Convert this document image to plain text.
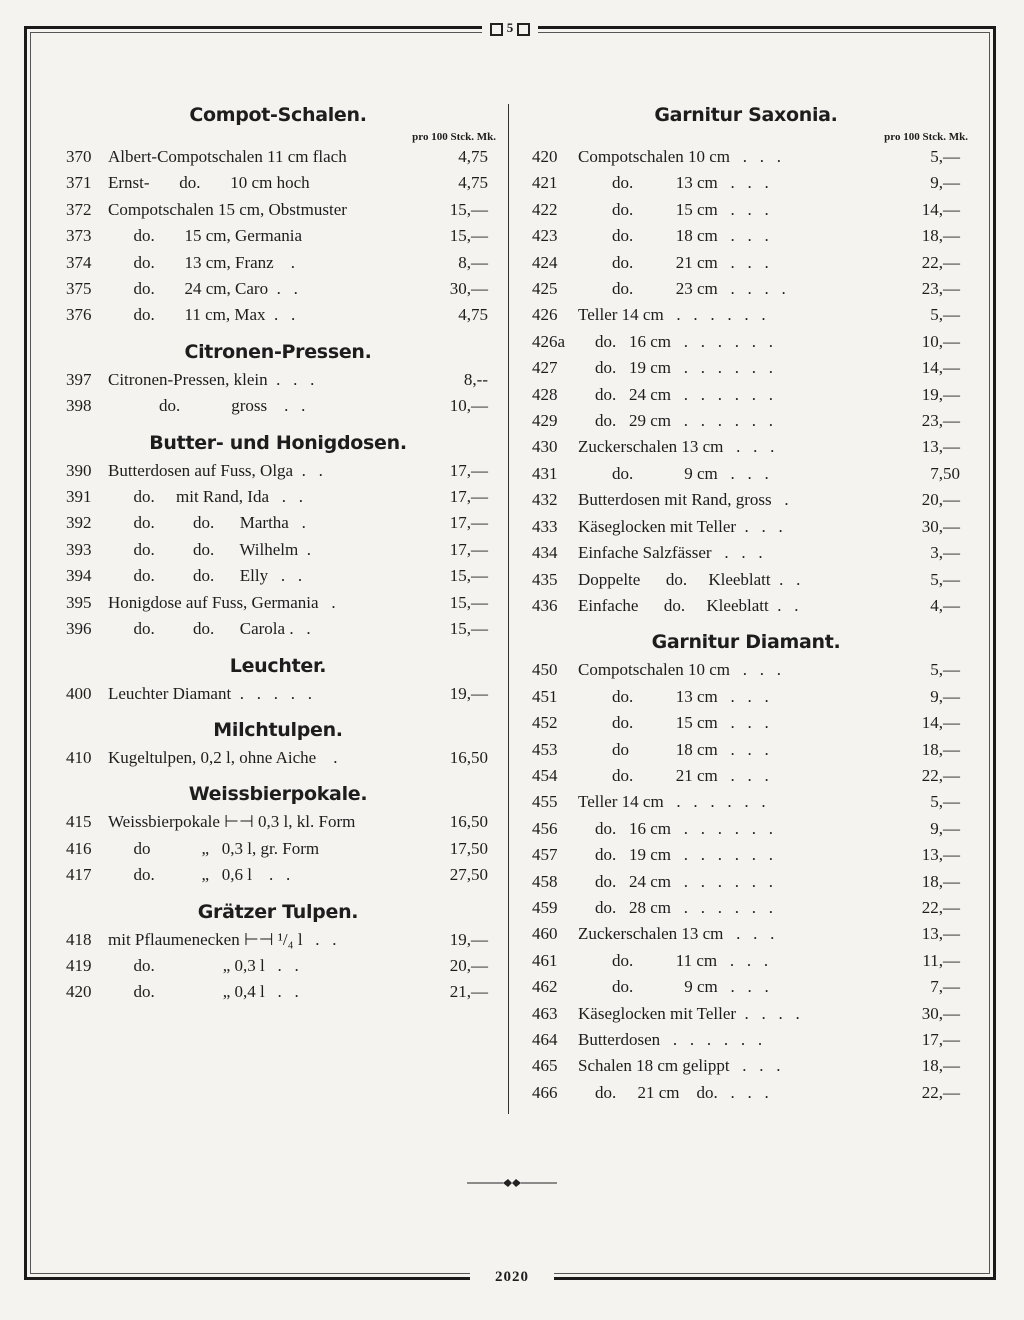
5
Compot-Schalen.
pro 100 Stck. Mk.
370 Albert-Compotschalen 11 cm flach	4,75
371 Ernst-       do.       10 cm hoch	4,75
372 Compotschalen 15 cm, Obstmuster	15,—
373 do.       15 cm, Germania	15,—
374 do.       13 cm, Franz    .	8,—
375 do.       24 cm, Caro  .   .	30,—
376 do.       11 cm, Max  .   .	4,75
Citronen-Pressen.
397 Citronen-Pressen, klein  .   .   .	8,--
398 do.            gross    .   .	10,—
Butter- und Honigdosen.
390 Butterdosen auf Fuss, Olga  .   .	17,—
391 do.     mit Rand, Ida   .   .	17,—
392 do.         do.      Martha   .	17,—
393 do.         do.      Wilhelm  .	17,—
394 do.         do.      Elly   .   .	15,—
395 Honigdose auf Fuss, Germania   .	15,—
396 do.         do.      Carola .   .	15,—
Leuchter.
400 Leuchter Diamant  .   .   .   .   .	19,—
Milchtulpen.
410 Kugeltulpen, 0,2 l, ohne Aiche    .	16,50
Weissbierpokale.
415 Weissbierpokale ⊢⊣ 0,3 l, kl. Form	16,50
416 do            „   0,3 l, gr. Form	17,50
417 do.           „   0,6 l    .   .	27,50
Grätzer Tulpen.
418 mit Pflaumenecken ⊢⊣ ¹/₄ l   .   .	19,—
419 do.                „ 0,3 l   .   .	20,—
420 do.                „ 0,4 l   .   .	21,—
Garnitur Saxonia.
pro 100 Stck. Mk.
420	Compotschalen 10 cm   .   .   .	5,—
421	do.          13 cm   .   .   .	9,—
422	do.          15 cm   .   .   .	14,—
423	do.          18 cm   .   .   .	18,—
424	do.          21 cm   .   .   .	22,—
425	do.          23 cm   .   .   .   .	23,—
426	Teller 14 cm   .   .   .   .   .   .	5,—
426a do.   16 cm   .   .   .   .   .   .	10,—
427	do.   19 cm   .   .   .   .   .   .	14,—
428	do.   24 cm   .   .   .   .   .   .	19,—
429	do.   29 cm   .   .   .   .   .   .	23,—
430	Zuckerschalen 13 cm   .   .   .	13,—
431	do.            9 cm   .   .   .	7,50
432	Butterdosen mit Rand, gross   .	20,—
433	Käseglocken mit Teller  .   .   .	30,—
434	Einfache Salzfässer   .   .   .	3,—
435	Doppelte      do.     Kleeblatt  .   .	5,—
436	Einfache      do.     Kleeblatt  .   .	4,—
Garnitur Diamant.
450	Compotschalen 10 cm   .   .   .	5,—
451	do.          13 cm   .   .   .	9,—
452	do.          15 cm   .   .   .	14,—
453	do           18 cm   .   .   .	18,—
454	do.          21 cm   .   .   .	22,—
455	Teller 14 cm   .   .   .   .   .   .	5,—
456	do.   16 cm   .   .   .   .   .   .	9,—
457	do.   19 cm   .   .   .   .   .   .	13,—
458	do.   24 cm   .   .   .   .   .   .	18,—
459	do.   28 cm   .   .   .   .   .   .	22,—
460	Zuckerschalen 13 cm   .   .   .	13,—
461	do.          11 cm   .   .   .	11,—
462	do.            9 cm   .   .   .	7,—
463	Käseglocken mit Teller  .   .   .   .	30,—
464	Butterdosen   .   .   .   .   .   .	17,—
465	Schalen 18 cm gelippt   .   .   .	18,—
466	do.     21 cm    do.   .   .   .	22,—
2020
